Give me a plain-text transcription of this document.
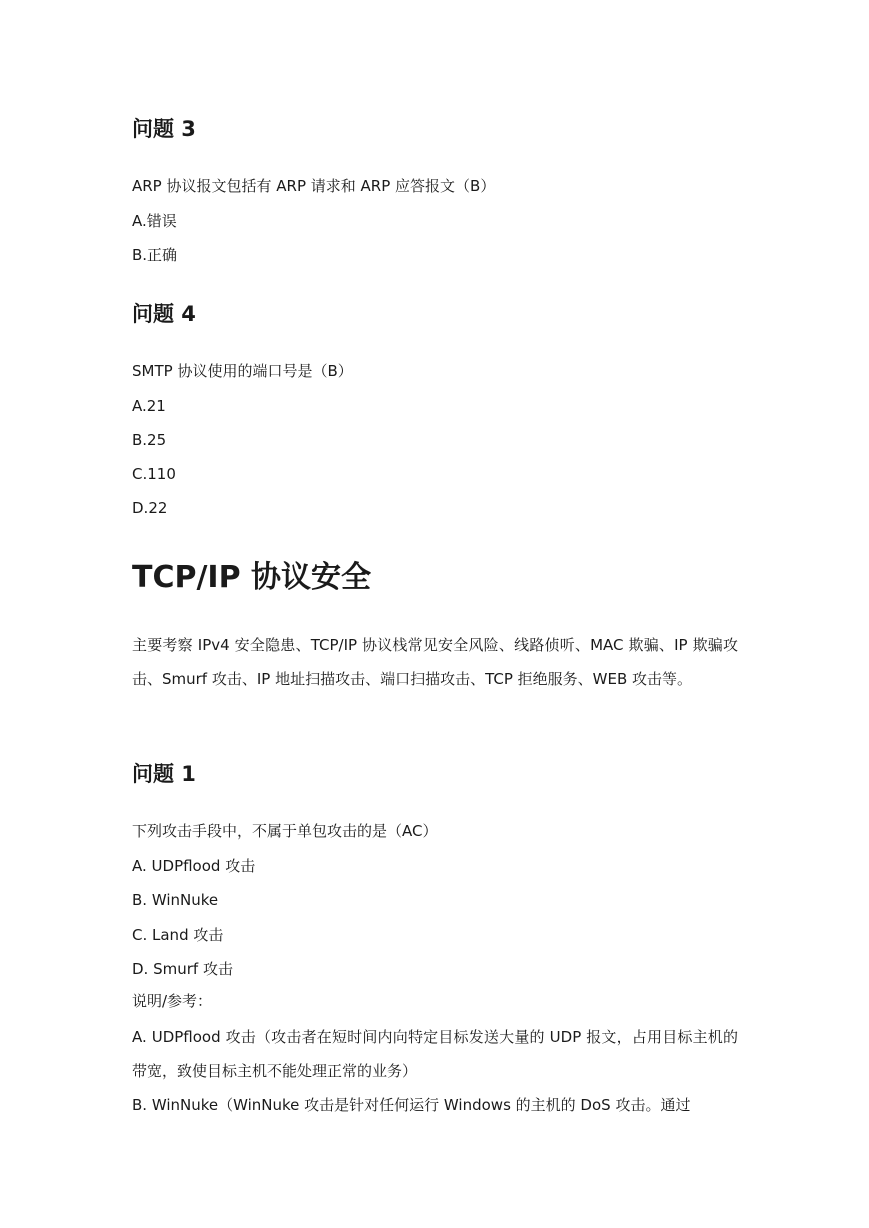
问题 3
ARP 协议报文包括有 ARP 请求和 ARP 应答报文（B）
A.错误
B.正确
问题 4
SMTP 协议使用的端口号是（B）
A.21
B.25
C.110
D.22
TCP/IP 协议安全
主要考察 IPv4 安全隐患、TCP/IP 协议栈常见安全风险、线路侦听、MAC 欺骗、IP 欺骗攻击、Smurf 攻击、IP 地址扫描攻击、端口扫描攻击、TCP 拒绝服务、WEB 攻击等。
问题 1
下列攻击手段中，不属于单包攻击的是（AC）
A. UDPflood 攻击
B. WinNuke
C. Land 攻击
D. Smurf 攻击
说明/参考：
A. UDPflood 攻击（攻击者在短时间内向特定目标发送大量的 UDP 报文，占用目标主机的带宽，致使目标主机不能处理正常的业务）
B. WinNuke（WinNuke 攻击是针对任何运行 Windows 的主机的 DoS 攻击。通过
